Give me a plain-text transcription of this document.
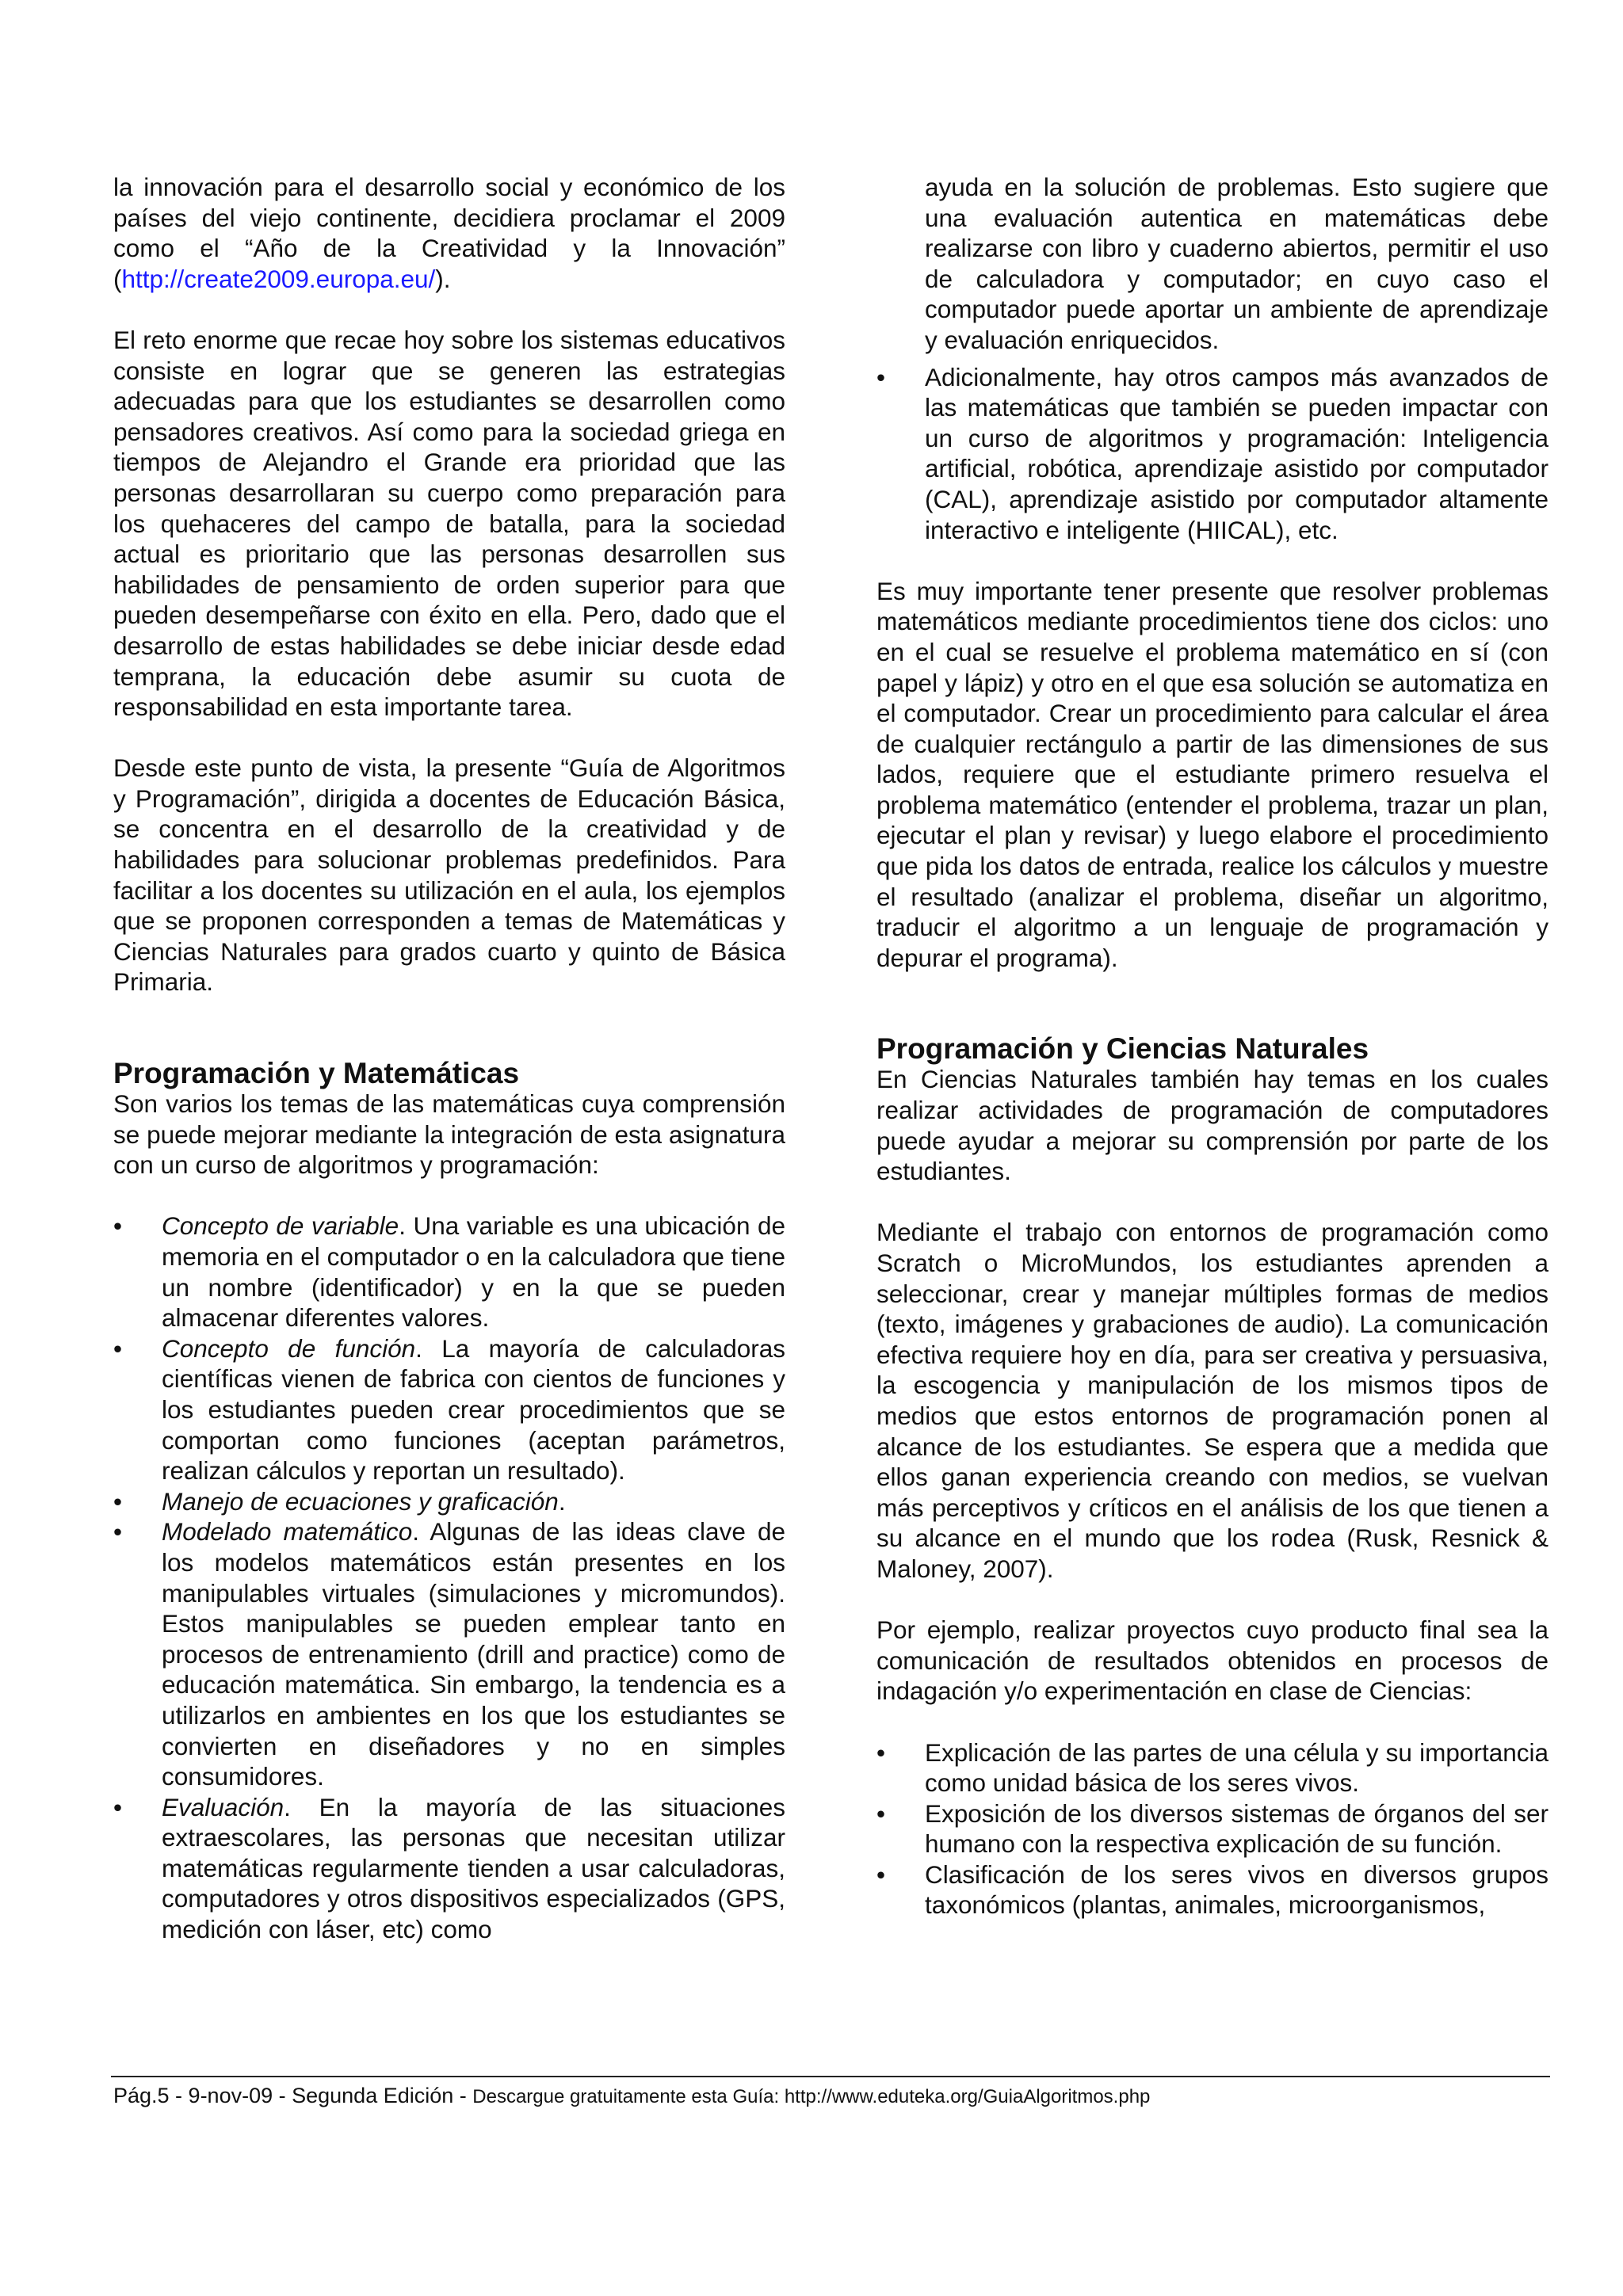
la innovación para el desarrollo social y económico de los países del viejo continente, decidiera proclamar el 2009 como el “Año de la Creatividad y la Innovación” (http://create2009.europa.eu/).

El reto enorme que recae hoy sobre los sistemas educativos consiste en lograr que se generen las estrategias adecuadas para que los estudiantes se desarrollen como pensadores creativos. Así como para la sociedad griega en tiempos de Alejandro el Grande era prioridad que las personas desarrollaran su cuerpo como preparación para los quehaceres del campo de batalla, para la sociedad actual es prioritario que las personas desarrollen sus habilidades de pensamiento de orden superior para que pueden desempeñarse con éxito en ella. Pero, dado que el desarrollo de estas habilidades se debe iniciar desde edad temprana, la educación debe asumir su cuota de responsabilidad en esta importante tarea.

Desde este punto de vista, la presente “Guía de Algoritmos y Programación”, dirigida a docentes de Educación Básica, se concentra en el desarrollo de la creatividad y de habilidades para solucionar problemas predefinidos. Para facilitar a los docentes su utilización en el aula, los ejemplos que se proponen corresponden a temas de Matemáticas y Ciencias Naturales para grados cuarto y quinto de Básica Primaria.

Programación y Matemáticas

Son varios los temas de las matemáticas cuya comprensión se puede mejorar mediante la integración de esta asignatura con un curso de algoritmos y programación:

• Concepto de variable. Una variable es una ubicación de memoria en el computador o en la calculadora que tiene un nombre (identificador) y en la que se pueden almacenar diferentes valores.
• Concepto de función. La mayoría de calculadoras científicas vienen de fabrica con cientos de funciones y los estudiantes pueden crear procedimientos que se comportan como funciones (aceptan parámetros, realizan cálculos y reportan un resultado).
• Manejo de ecuaciones y graficación.
• Modelado matemático. Algunas de las ideas clave de los modelos matemáticos están presentes en los manipulables virtuales (simulaciones y micromundos). Estos manipulables se pueden emplear tanto en procesos de entrenamiento (drill and practice) como de educación matemática. Sin embargo, la tendencia es a utilizarlos en ambientes en los que los estudiantes se convierten en diseñadores y no en simples consumidores.
• Evaluación. En la mayoría de las situaciones extraescolares, las personas que necesitan utilizar matemáticas regularmente tienden a usar calculadoras, computadores y otros dispositivos especializados (GPS, medición con láser, etc) como
ayuda en la solución de problemas. Esto sugiere que una evaluación autentica en matemáticas debe realizarse con libro y cuaderno abiertos, permitir el uso de calculadora y computador; en cuyo caso el computador puede aportar un ambiente de aprendizaje y evaluación enriquecidos.
• Adicionalmente, hay otros campos más avanzados de las matemáticas que también se pueden impactar con un curso de algoritmos y programación: Inteligencia artificial, robótica, aprendizaje asistido por computador (CAL), aprendizaje asistido por computador altamente interactivo e inteligente (HIICAL), etc.

Es muy importante tener presente que resolver problemas matemáticos mediante procedimientos tiene dos ciclos: uno en el cual se resuelve el problema matemático en sí (con papel y lápiz) y otro en el que esa solución se automatiza en el computador. Crear un procedimiento para calcular el área de cualquier rectángulo a partir de las dimensiones de sus lados, requiere que el estudiante primero resuelva el problema matemático (entender el problema, trazar un plan, ejecutar el plan y revisar) y luego elabore el procedimiento que pida los datos de entrada, realice los cálculos y muestre el resultado (analizar el problema, diseñar un algoritmo, traducir el algoritmo a un lenguaje de programación y depurar el programa).

Programación y Ciencias Naturales

En Ciencias Naturales también hay temas en los cuales realizar actividades de programación de computadores puede ayudar a mejorar su comprensión por parte de los estudiantes.

Mediante el trabajo con entornos de programación como Scratch o MicroMundos, los estudiantes aprenden a seleccionar, crear y manejar múltiples formas de medios (texto, imágenes y grabaciones de audio). La comunicación efectiva requiere hoy en día, para ser creativa y persuasiva, la escogencia y manipulación de los mismos tipos de medios que estos entornos de programación ponen al alcance de los estudiantes. Se espera que a medida que ellos ganan experiencia creando con medios, se vuelvan más perceptivos y críticos en el análisis de los que tienen a su alcance en el mundo que los rodea (Rusk, Resnick & Maloney, 2007).

Por ejemplo, realizar proyectos cuyo producto final sea la comunicación de resultados obtenidos en procesos de indagación y/o experimentación en clase de Ciencias:

• Explicación de las partes de una célula y su importancia como unidad básica de los seres vivos.
• Exposición de los diversos sistemas de órganos del ser humano con la respectiva explicación de su función.
• Clasificación de los seres vivos en diversos grupos taxonómicos (plantas, animales, microorganismos,
Pág.5 - 9-nov-09 - Segunda Edición - Descargue gratuitamente esta Guía: http://www.eduteka.org/GuiaAlgoritmos.php
